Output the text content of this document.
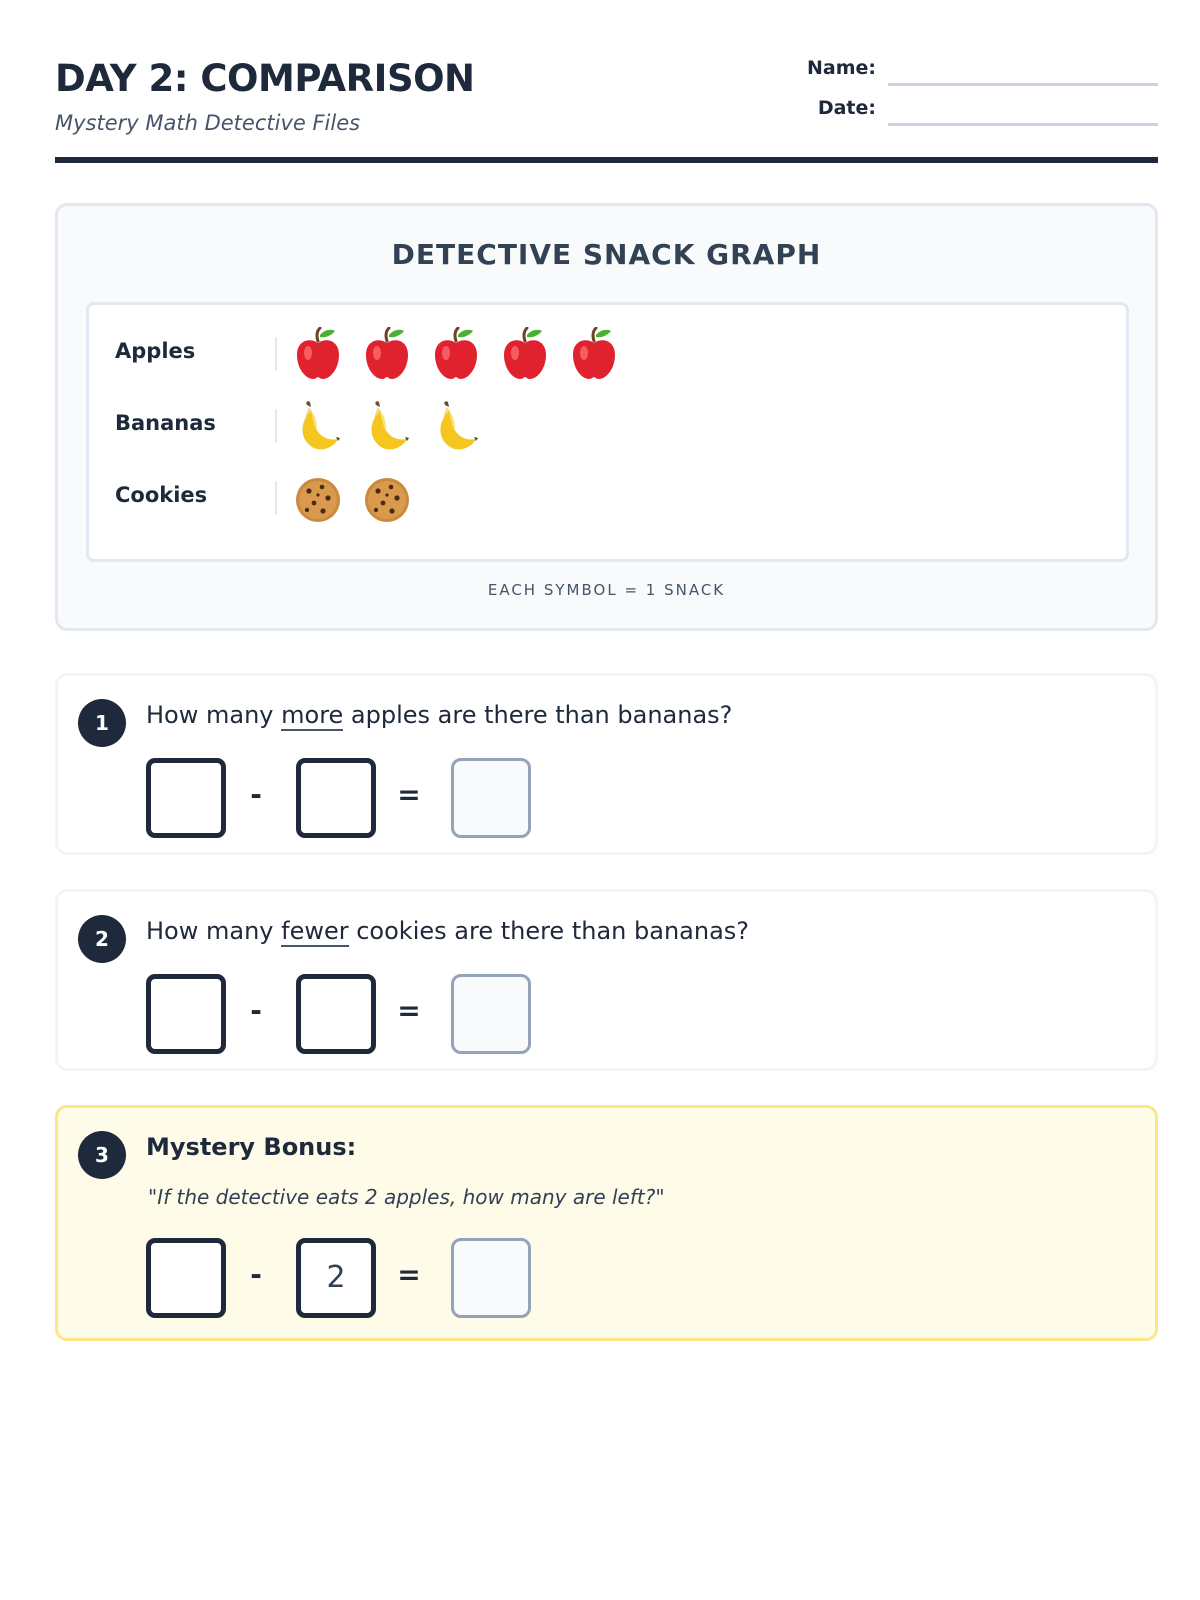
DAY 2: COMPARISON
Mystery Math Detective Files
Name:
Date:
DETECTIVE SNACK GRAPH
Apples
Bananas
Cookies
EACH SYMBOL = 1 SNACK
1	How many more apples are there than bananas?
-	=
2	How many fewer cookies are there than bananas?
-	=
3	Mystery Bonus:
"If the detective eats 2 apples, how many are left?"
-	2	=
